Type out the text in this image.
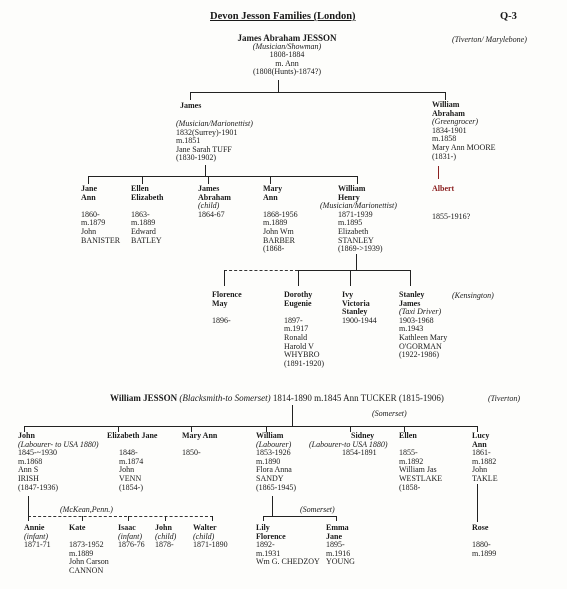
Devon Jesson Families (London)	Q-3
(Tiverton/ Marylebone)
James Abraham JESSON
(Musician/Showman)
1808-1884
m. Ann
(1808(Hunts)-1874?)
James
(Musician/Marionettist)
1832(Surrey)-1901
m.1851
Jane Sarah TUFF
(1830-1902)
William
Abraham
(Greengrocer)
1834-1901
m.1858
Mary Ann MOORE
(1831-)
Jane
Ann

1860-
m.1879
John
BANISTER
Ellen
Elizabeth

1863-
m.1889
Edward
BATLEY
James
Abraham
(child)
1864-67
Mary
Ann

1868-1956
m.1889
John Wm
BARBER
(1868-
William
Henry
(Musician/Marionettist)
1871-1939
m.1895
Elizabeth
STANLEY
(1869->1939)
Albert
1855-1916?
(Kensington)
Florence
May

1896-
Dorothy
Eugenie

1897-
m.1917
Ronald
Harold V
WHYBRO
(1891-1920)
Ivy
Victoria
Stanley
1900-1944
Stanley
James
(Taxi Driver)
1903-1968
m.1943
Kathleen Mary
O'GORMAN
(1922-1986)
William JESSON (Blacksmith-to Somerset) 1814-1890 m.1845 Ann TUCKER (1815-1906)	(Tiverton)
(Somerset)
John
(Labourer- to USA 1880)
1845-~1930
m.1868
Ann S
IRISH
(1847-1936)
Elizabeth Jane

1848-
m.1874
John
VENN
(1854-)
Mary Ann

1850-
William
(Labourer)
1853-1926
m.1890
Flora Anna
SANDY
(1865-1945)
Sidney
(Labourer-to USA 1880)
1854-1891
Ellen

1855-
m.1892
William Jas
WESTLAKE
(1858-
Lucy
Ann
1861-
m.1882
John
TAKLE
(McKean,Penn.)	(Somerset)
Annie
(infant)
1871-71
Kate

1873-1952
m.1889
John Carson
CANNON
Isaac
(infant)
1876-76
John
(child)
1878-
Walter
(child)
1871-1890
Lily
Florence
1892-
m.1931
Wm G. CHEDZOY
Emma
Jane
1895-
m.1916
YOUNG
Rose

1880-
m.1899
